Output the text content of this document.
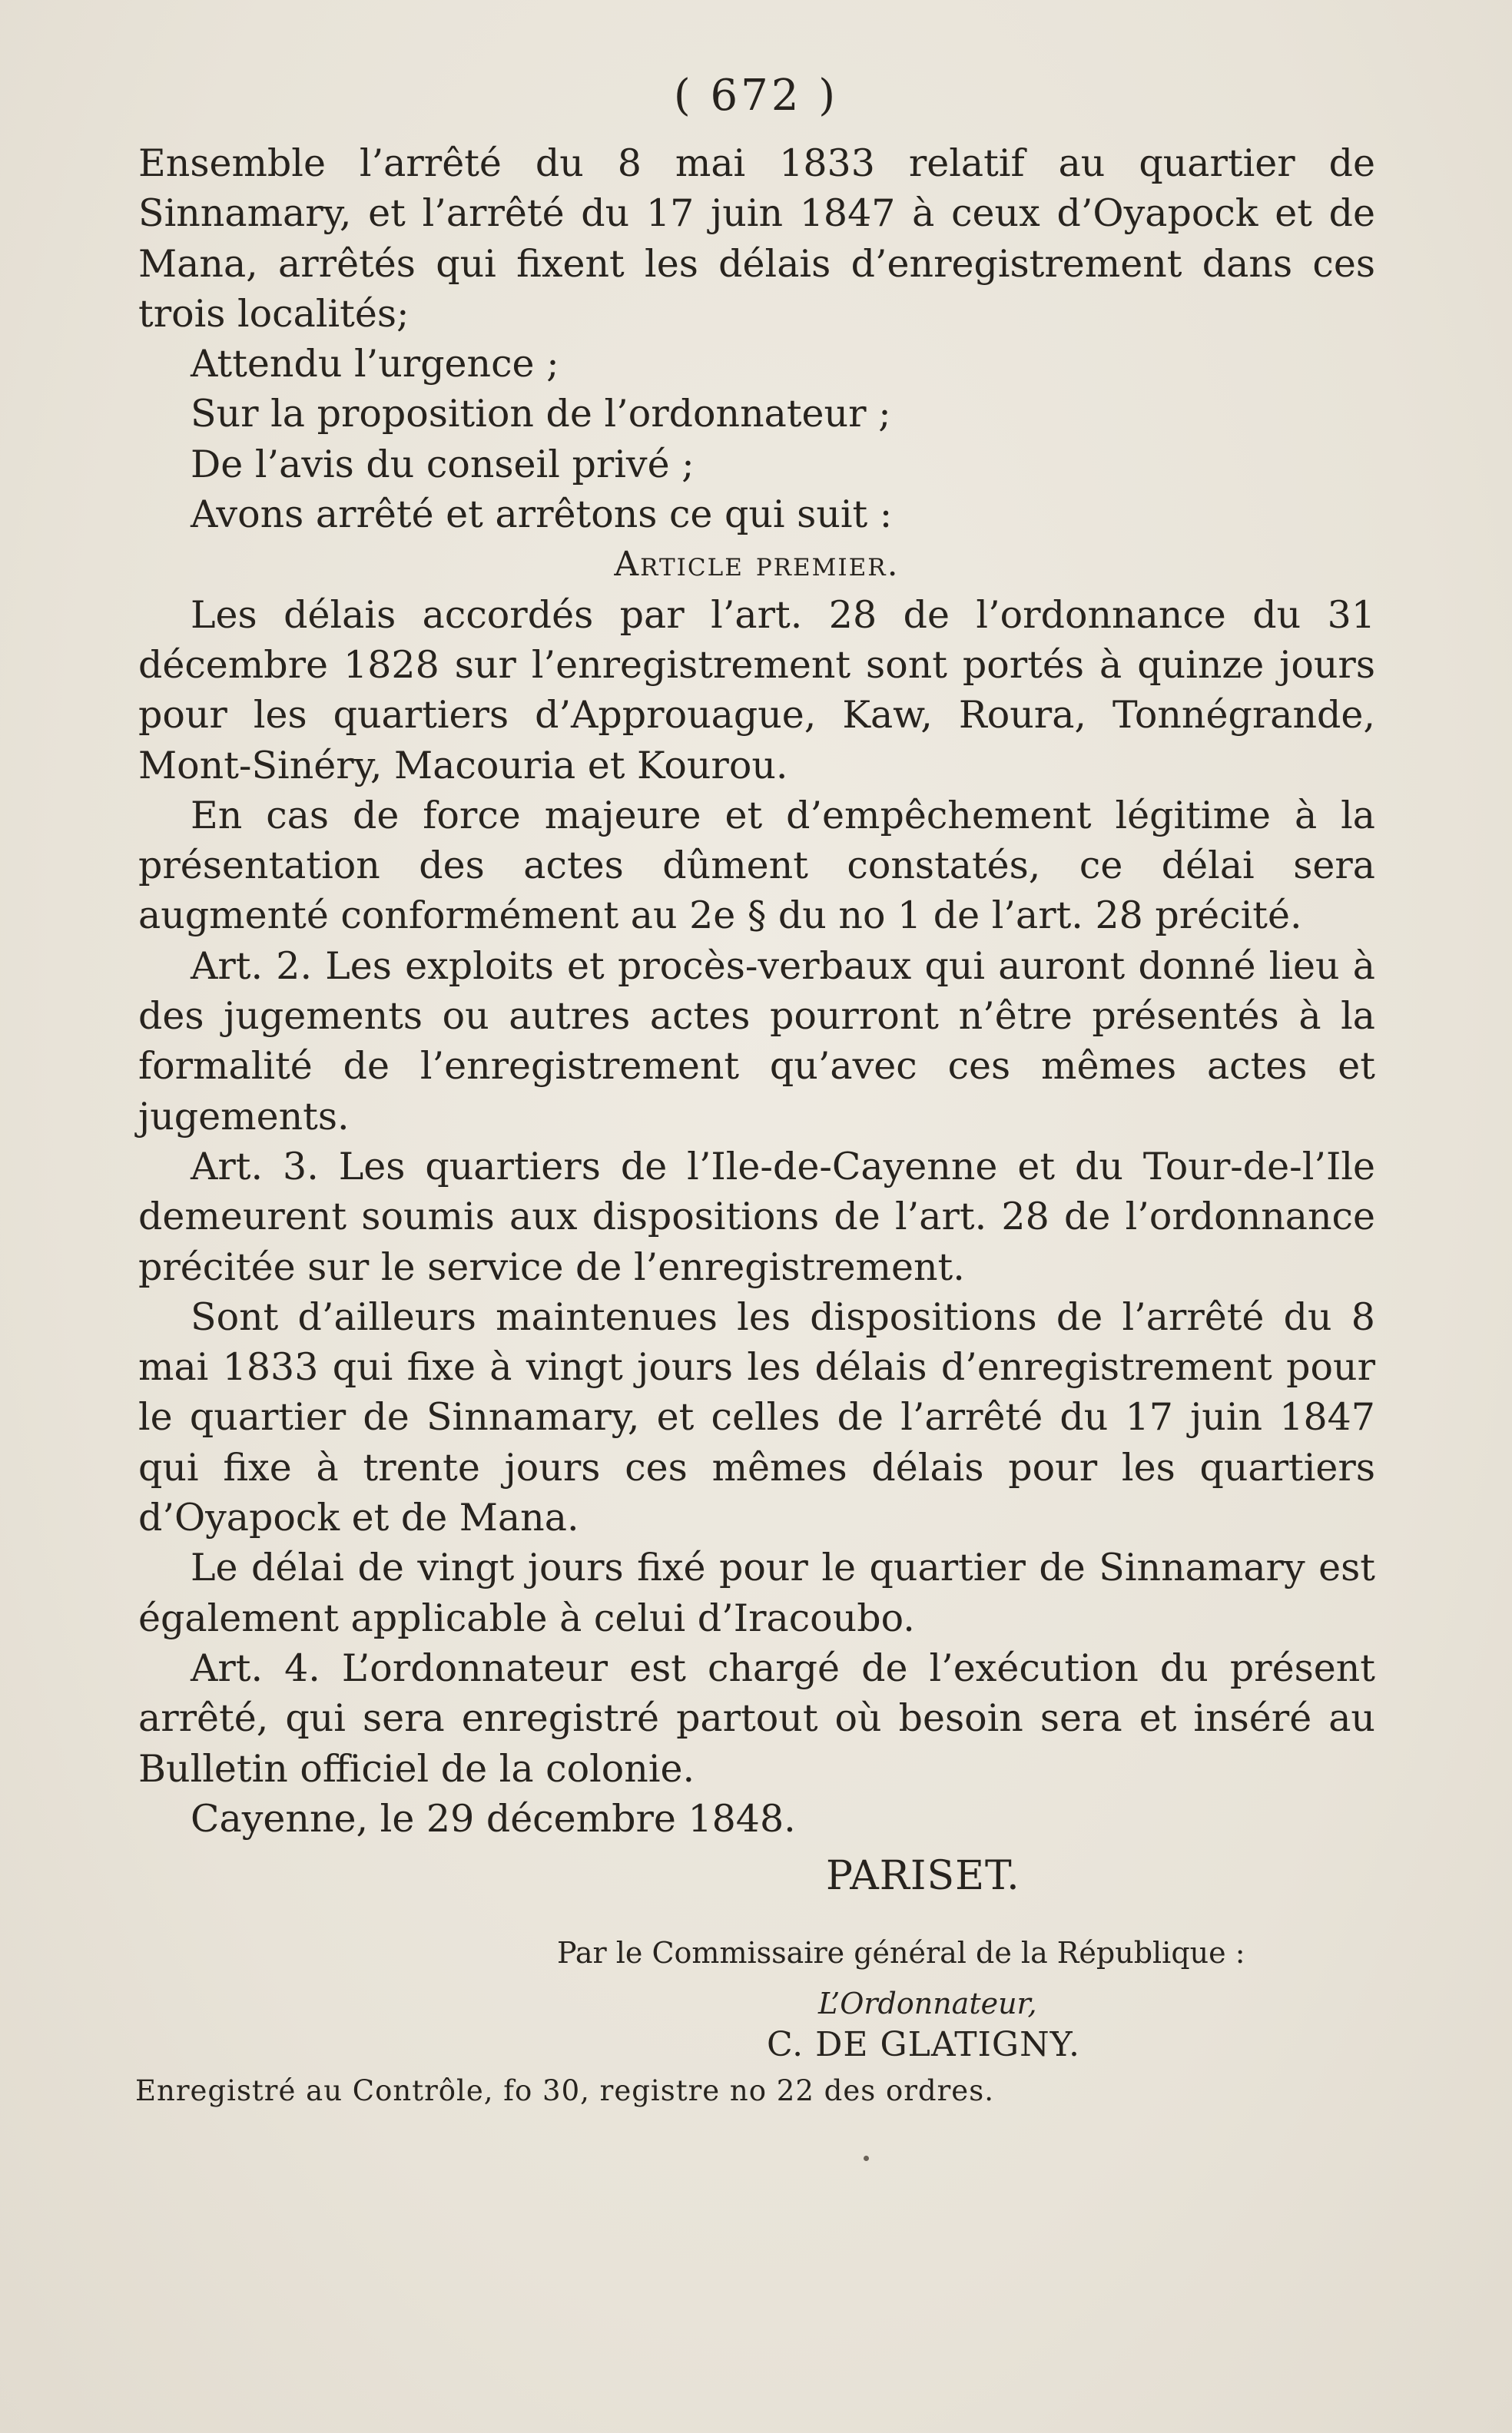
( 672 )

Ensemble l’arrêté du 8 mai 1833 relatif au quartier de Sinnamary, et l’arrêté du 17 juin 1847 à ceux d’Oyapock et de Mana, arrêtés qui fixent les délais d’enregistrement dans ces trois localités;

Attendu l’urgence ;

Sur la proposition de l’ordonnateur ;

De l’avis du conseil privé ;

Avons arrêté et arrêtons ce qui suit :

Article premier.

Les délais accordés par l’art. 28 de l’ordonnance du 31 décembre 1828 sur l’enregistrement sont portés à quinze jours pour les quartiers d’Approuague, Kaw, Roura, Tonnégrande, Mont-Sinéry, Macouria et Kourou.

En cas de force majeure et d’empêchement légitime à la présentation des actes dûment constatés, ce délai sera augmenté conformément au 2e § du no 1 de l’art. 28 précité.

Art. 2. Les exploits et procès-verbaux qui auront donné lieu à des jugements ou autres actes pourront n’être présentés à la formalité de l’enregistrement qu’avec ces mêmes actes et jugements.

Art. 3. Les quartiers de l’Ile-de-Cayenne et du Tour-de-l’Ile demeurent soumis aux dispositions de l’art. 28 de l’ordonnance précitée sur le service de l’enregistrement.

Sont d’ailleurs maintenues les dispositions de l’arrêté du 8 mai 1833 qui fixe à vingt jours les délais d’enregistrement pour le quartier de Sinnamary, et celles de l’arrêté du 17 juin 1847 qui fixe à trente jours ces mêmes délais pour les quartiers d’Oyapock et de Mana.

Le délai de vingt jours fixé pour le quartier de Sinnamary est également applicable à celui d’Iracoubo.

Art. 4. L’ordonnateur est chargé de l’exécution du présent arrêté, qui sera enregistré partout où besoin sera et inséré au Bulletin officiel de la colonie.

Cayenne, le 29 décembre 1848.

PARISET.
Par le Commissaire général de la République :
L’Ordonnateur,
C. DE GLATIGNY.
Enregistré au Contrôle, fo 30, registre no 22 des ordres.
